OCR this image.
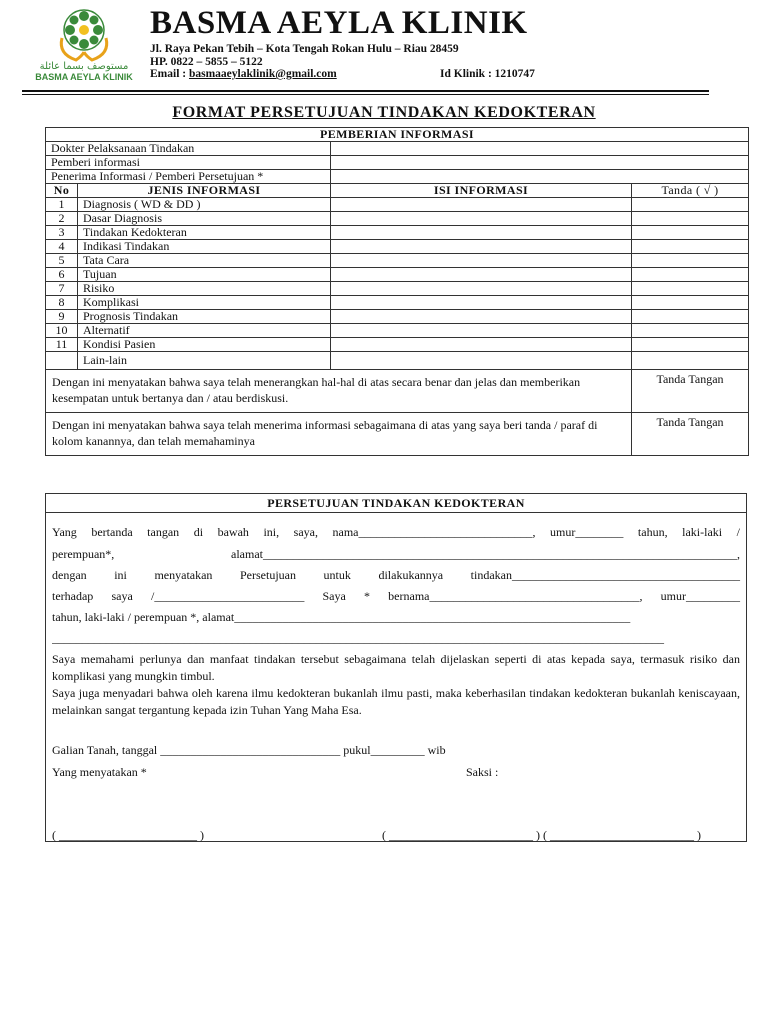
مستوصف بسما عائلة
BASMA AEYLA KLINIK
BASMA AEYLA KLINIK
Jl. Raya Pekan Tebih – Kota Tengah Rokan Hulu – Riau 28459
HP. 0822 – 5855 – 5122
Email : basmaaeylaklinik@gmail.com	Id Klinik : 1210747
FORMAT PERSETUJUAN TINDAKAN KEDOKTERAN
PEMBERIAN INFORMASI			
Dokter Pelaksanaan Tindakan			
Pemberi informasi			
Penerima Informasi / Pemberi Persetujuan *			
No	JENIS INFORMASI	ISI INFORMASI	Tanda ( √ )
1	Diagnosis ( WD & DD )		
2	Dasar Diagnosis		
3	Tindakan Kedokteran		
4	Indikasi Tindakan		
5	Tata Cara		
6	Tujuan		
7	Risiko		
8	Komplikasi		
9	Prognosis Tindakan		
10	Alternatif		
11	Kondisi Pasien		
	Lain-lain		
Dengan ini menyatakan bahwa saya telah menerangkan hal-hal di atas secara benar dan jelas dan memberikan kesempatan untuk bertanya dan / atau berdiskusi.			Tanda Tangan
Dengan ini menyatakan bahwa saya telah menerima informasi sebagaimana di atas yang saya beri tanda / paraf di kolom kanannya, dan telah memahaminya			Tanda Tangan
PERSETUJUAN TINDAKAN KEDOKTERAN
Yang bertanda tangan di bawah ini, saya, nama_____________________________, umur________ tahun, laki-laki /
perempuan*, alamat_______________________________________________________________________________,
dengan ini menyatakan Persetujuan untuk dilakukannya tindakan______________________________________
terhadap saya /_________________________ Saya * bernama___________________________________, umur_________
tahun, laki-laki / perempuan *, alamat__________________________________________________________________
______________________________________________________________________________________________________
Saya memahami perlunya dan manfaat tindakan tersebut sebagaimana telah dijelaskan seperti di atas kepada saya, termasuk risiko dan komplikasi yang mungkin timbul.
Saya juga menyadari bahwa oleh karena ilmu kedokteran bukanlah ilmu pasti, maka keberhasilan tindakan kedokteran bukanlah keniscayaan, melainkan sangat tergantung kepada izin Tuhan Yang Maha Esa.
Galian Tanah, tanggal ______________________________ pukul_________ wib
Yang menyatakan *	Saksi :
( _______________________ )	( ________________________ ) ( ________________________ )
